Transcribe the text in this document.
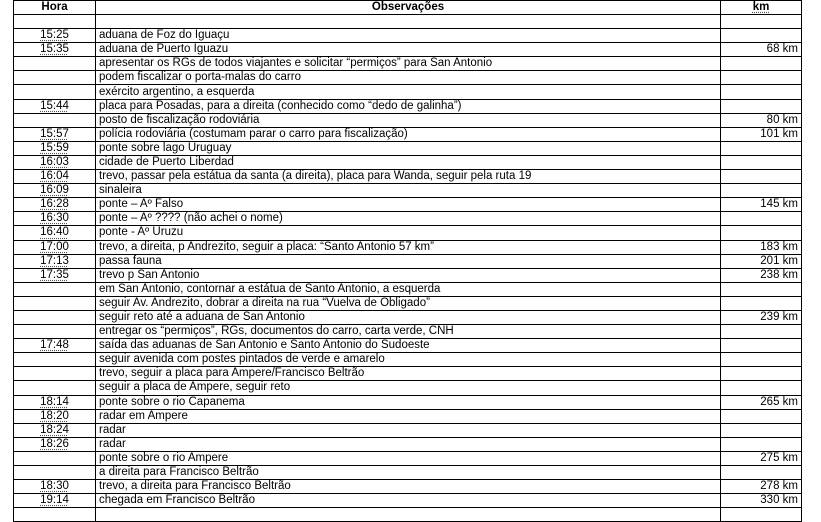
Hora	Observações	km

15:25	aduana de Foz do Iguaçu	
15:35	aduana de Puerto Iguazu	68 km
	apresentar os RGs de todos viajantes e solicitar “permiços” para San Antonio	
	podem fiscalizar o porta-malas do carro	
	exército argentino, a esquerda	
15:44	placa para Posadas, para a direita (conhecido como “dedo de galinha”)	
	posto de fiscalização rodoviária	80 km
15:57	polícia rodoviária (costumam parar o carro para fiscalização)	101 km
15:59	ponte sobre lago Uruguay	
16:03	cidade de Puerto Liberdad	
16:04	trevo, passar pela estátua da santa (a direita), placa para Wanda, seguir pela ruta 19	
16:09	sinaleira	
16:28	ponte – Aº Falso	145 km
16:30	ponte – Aº ???? (não achei o nome)	
16:40	ponte - Aº Uruzu	
17:00	trevo, a direita, p Andrezito, seguir a placa: “Santo Antonio 57 km”	183 km
17:13	passa fauna	201 km
17:35	trevo p San Antonio	238 km
	em San Antonio, contornar a estátua de Santo Antonio, a esquerda	
	seguir Av. Andrezito, dobrar a direita na rua “Vuelva de Obligado”	
	seguir reto até a aduana de San Antonio	239 km
	entregar os “permiços”, RGs, documentos do carro, carta verde, CNH	
17:48	saída das aduanas de San Antonio e Santo Antonio do Sudoeste	
	seguir avenida com postes pintados de verde e amarelo	
	trevo, seguir a placa para Ampere/Francisco Beltrão	
	seguir a placa de Ampere, seguir reto	
18:14	ponte sobre o rio Capanema	265 km
18:20	radar em Ampere	
18:24	radar	
18:26	radar	
	ponte sobre o rio Ampere	275 km
	a direita para Francisco Beltrão	
18:30	trevo, a direita para Francisco Beltrão	278 km
19:14	chegada em Francisco Beltrão	330 km
